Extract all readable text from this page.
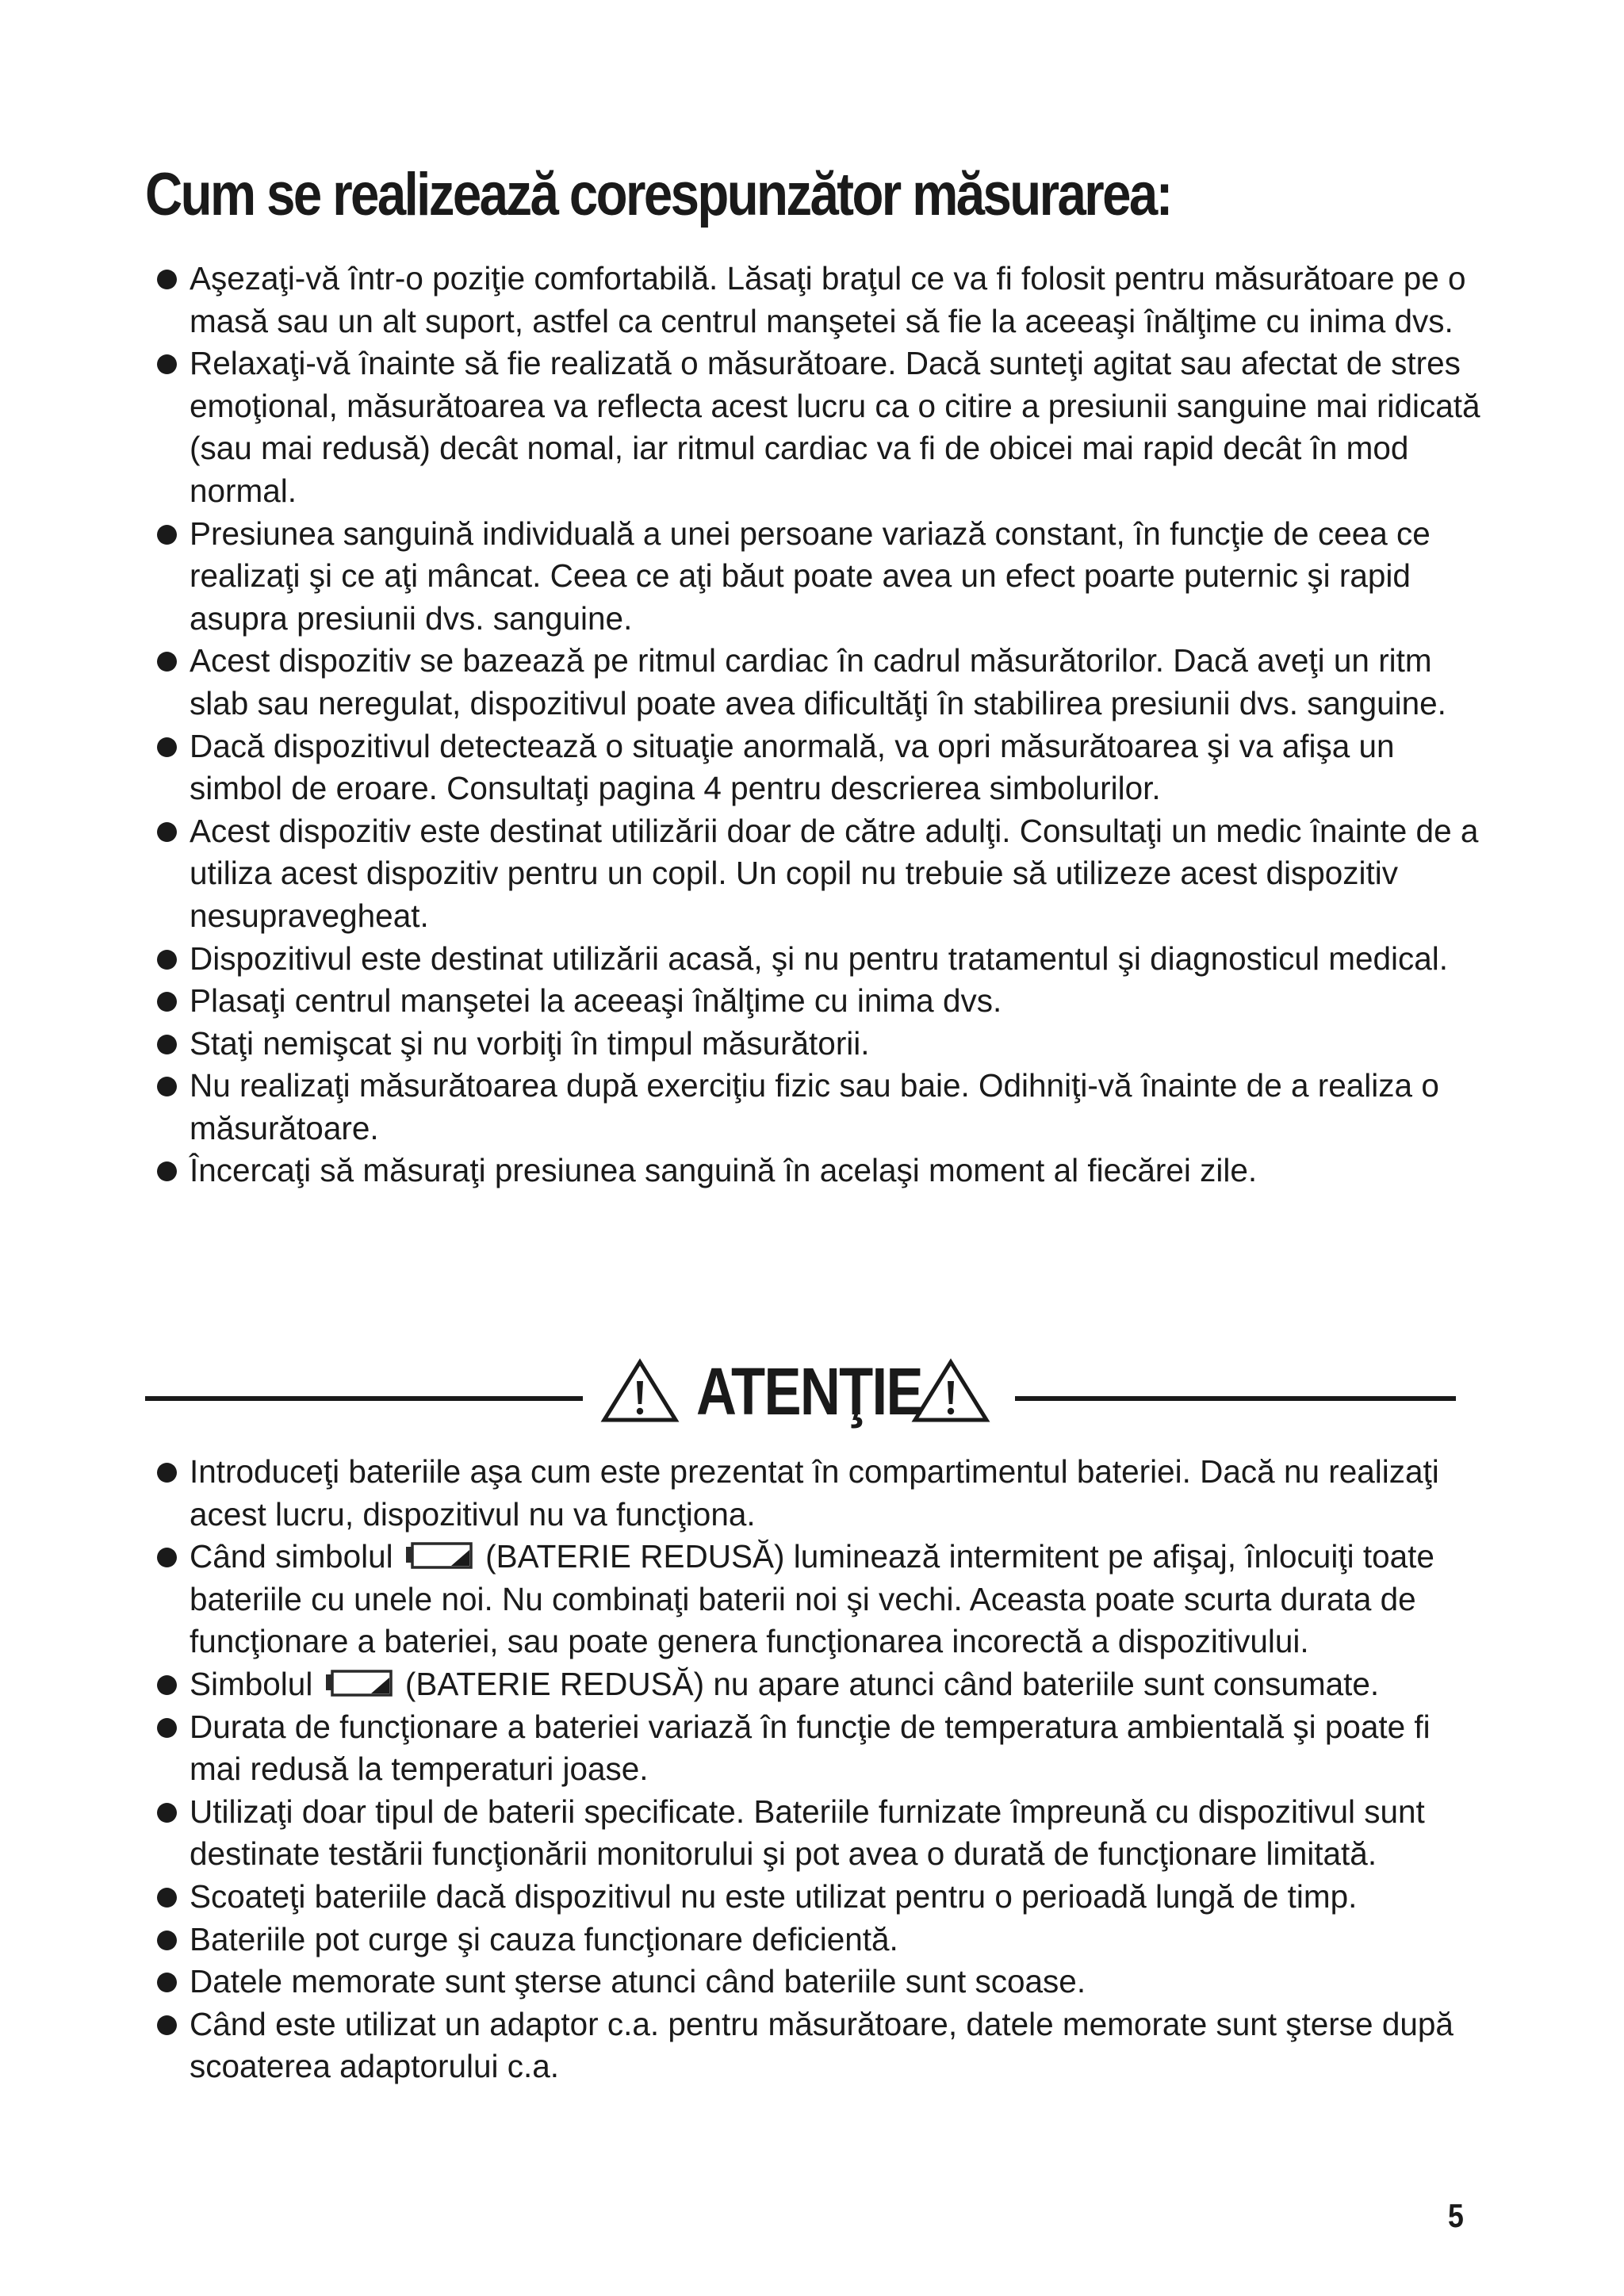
Cum se realizează corespunzător măsurarea:
Aşezaţi-vă într-o poziţie comfortabilă. Lăsaţi braţul ce va fi folosit pentru măsurătoare pe o masă sau un alt suport, astfel ca centrul manşetei să fie la aceeaşi înălţime cu inima dvs.
Relaxaţi-vă înainte să fie realizată o măsurătoare. Dacă sunteţi agitat sau afectat de stres emoţional, măsurătoarea va reflecta acest lucru ca o citire a presiunii sanguine mai ridicată (sau mai redusă) decât nomal, iar ritmul cardiac va fi de obicei mai rapid decât în mod normal.
Presiunea sanguină individuală a unei persoane variază constant, în funcţie de ceea ce realizaţi şi ce aţi mâncat. Ceea ce aţi băut poate avea un efect poarte puternic şi rapid asupra presiunii dvs. sanguine.
Acest dispozitiv se bazează pe ritmul cardiac în cadrul măsurătorilor. Dacă aveţi un ritm slab sau neregulat, dispozitivul poate avea dificultăţi în stabilirea presiunii dvs. sanguine.
Dacă dispozitivul detectează o situaţie anormală, va opri măsurătoarea şi va afişa un simbol de eroare. Consultaţi pagina 4 pentru descrierea simbolurilor.
Acest dispozitiv este destinat utilizării doar de către adulţi. Consultaţi un medic înainte de a utiliza acest dispozitiv pentru un copil. Un copil nu trebuie să utilizeze acest dispozitiv nesupravegheat.
Dispozitivul este destinat utilizării acasă, şi nu pentru tratamentul şi diagnosticul medical.
Plasaţi centrul manşetei la aceeaşi înălţime cu inima dvs.
Staţi nemişcat şi nu vorbiţi în timpul măsurătorii.
Nu realizaţi măsurătoarea după exerciţiu fizic sau baie. Odihniţi-vă înainte de a realiza o măsurătoare.
Încercaţi să măsuraţi presiunea sanguină în acelaşi moment al fiecărei zile.
ATENŢIE
Introduceţi bateriile aşa cum este prezentat în compartimentul bateriei. Dacă nu realizaţi acest lucru, dispozitivul nu va funcţiona.
Când simbolul	(BATERIE REDUSĂ) luminează intermitent pe afişaj, înlocuiţi toate bateriile cu unele noi. Nu combinaţi baterii noi şi vechi. Aceasta poate scurta durata de funcţionare a bateriei, sau poate genera funcţionarea incorectă a dispozitivului.
Simbolul	(BATERIE REDUSĂ) nu apare atunci când bateriile sunt consumate.
Durata de funcţionare a bateriei variază în funcţie de temperatura ambientală şi poate fi mai redusă la temperaturi joase.
Utilizaţi doar tipul de baterii specificate. Bateriile furnizate împreună cu dispozitivul sunt destinate testării funcţionării monitorului şi pot avea o durată de funcţionare limitată.
Scoateţi bateriile dacă dispozitivul nu este utilizat pentru o perioadă lungă de timp.
Bateriile pot curge şi cauza funcţionare deficientă.
Datele memorate sunt şterse atunci când bateriile sunt scoase.
Când este utilizat un adaptor c.a. pentru măsurătoare, datele memorate sunt şterse după scoaterea adaptorului c.a.
5
